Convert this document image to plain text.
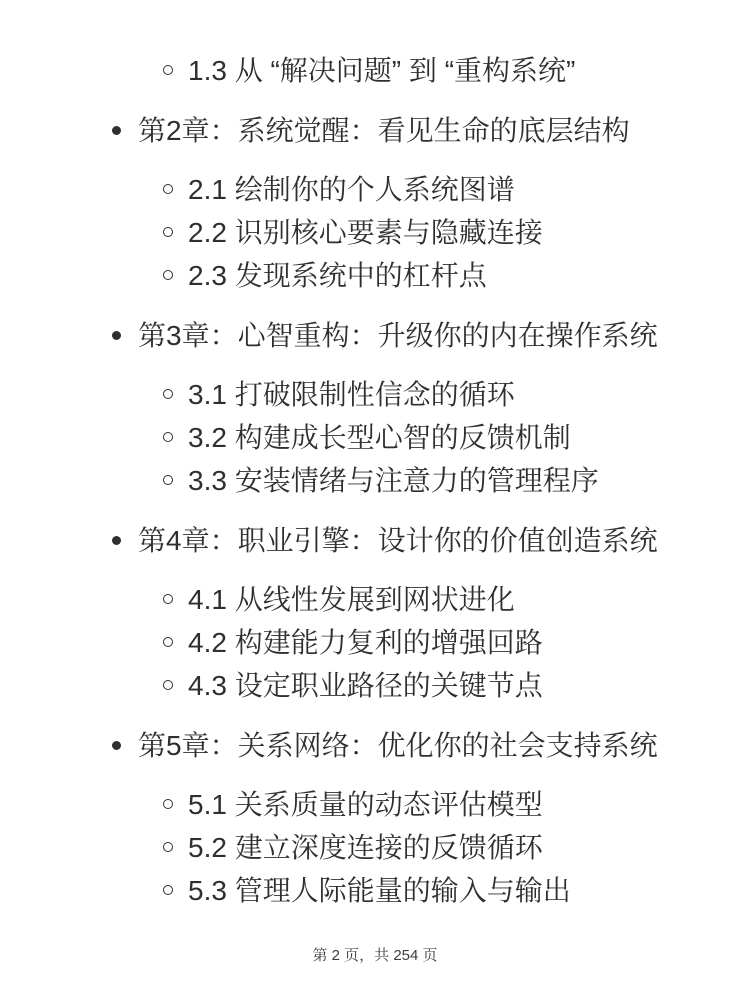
1.3 从 “解决问题” 到 “重构系统”
第2章：系统觉醒：看见生命的底层结构
2.1 绘制你的个人系统图谱
2.2 识别核心要素与隐藏连接
2.3 发现系统中的杠杆点
第3章：心智重构：升级你的内在操作系统
3.1 打破限制性信念的循环
3.2 构建成长型心智的反馈机制
3.3 安装情绪与注意力的管理程序
第4章：职业引擎：设计你的价值创造系统
4.1 从线性发展到网状进化
4.2 构建能力复利的增强回路
4.3 设定职业路径的关键节点
第5章：关系网络：优化你的社会支持系统
5.1 关系质量的动态评估模型
5.2 建立深度连接的反馈循环
5.3 管理人际能量的输入与输出
第 2 页，共 254 页
